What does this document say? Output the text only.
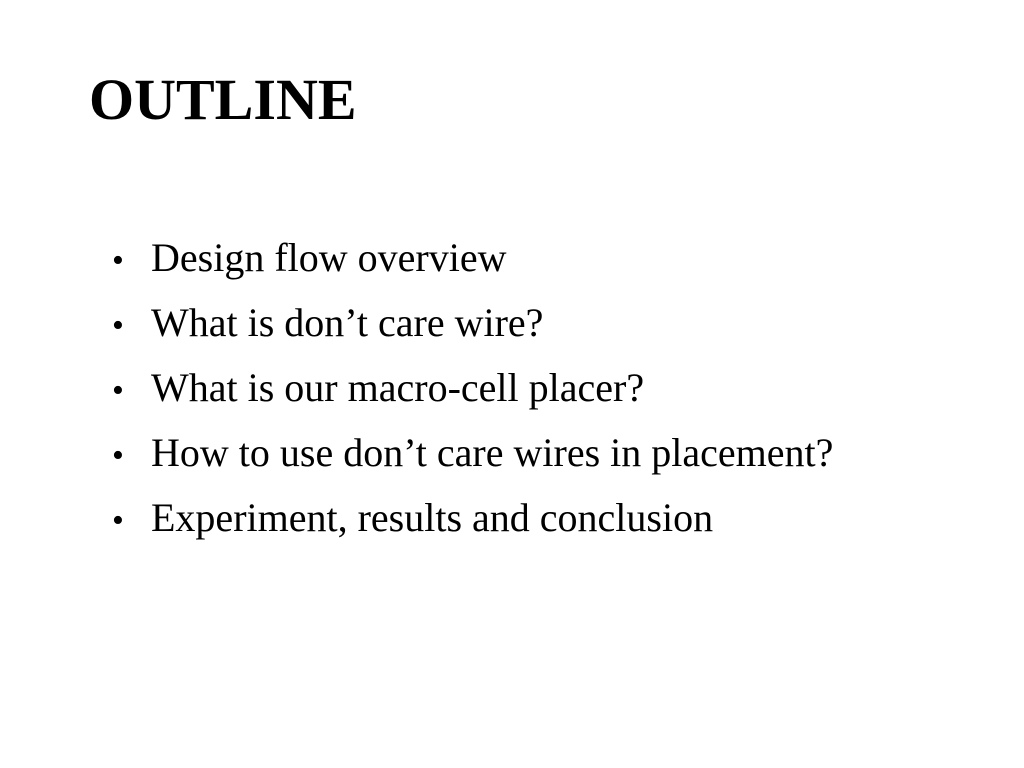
OUTLINE
• Design flow overview
• What is don’t care wire?
• What is our macro-cell placer?
• How to use don’t care wires in placement?
• Experiment, results and conclusion
